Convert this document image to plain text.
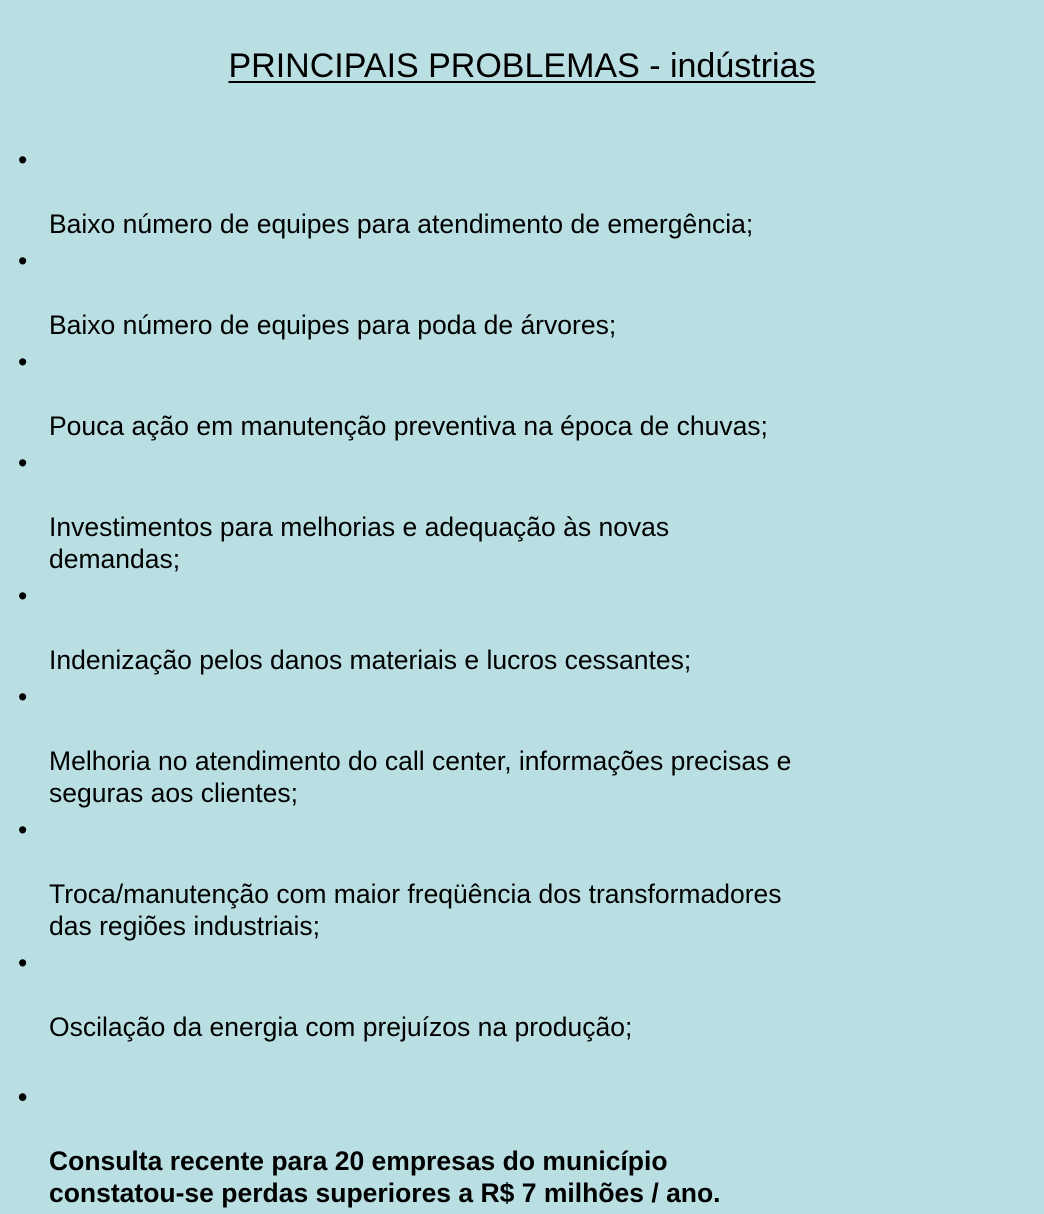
PRINCIPAIS PROBLEMAS - indústrias

•

Baixo número de equipes para atendimento de emergência;

•

Baixo número de equipes para poda de árvores;

•

Pouca ação em manutenção preventiva na época de chuvas;

•

Investimentos para melhorias e adequação às novas
demandas;

•

Indenização pelos danos materiais e lucros cessantes;

•

Melhoria no atendimento do call center, informações precisas e
seguras aos clientes;

•

Troca/manutenção com maior freqüência dos transformadores
das regiões industriais;

•

Oscilação da energia com prejuízos na produção;

•

Consulta recente para 20 empresas do município
constatou-se perdas superiores a R$ 7 milhões / ano.
